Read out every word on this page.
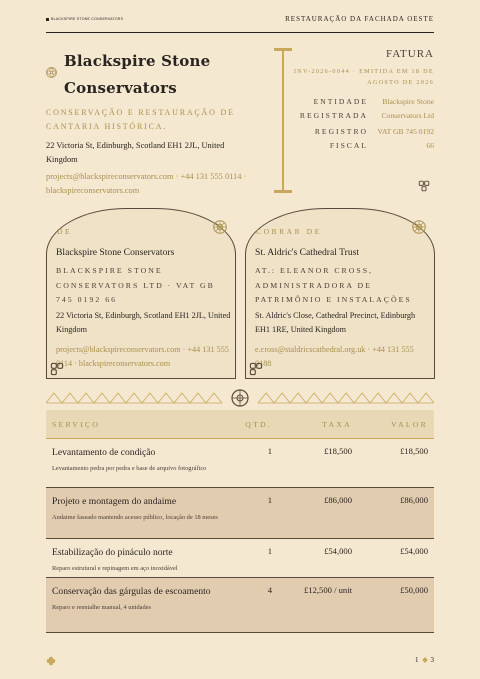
BLACKSPIRE STONE CONSERVATORS	RESTAURAÇÃO DA FACHADA OESTE
Blackspire Stone Conservators
CONSERVAÇÃO E RESTAURAÇÃO DE CANTARIA HISTÓRICA.
22 Victoria St, Edinburgh, Scotland EH1 2JL, United Kingdom
projects@blackspireconservators.com · +44 131 555 0114 · blackspireconservators.com
FATURA
INV-2026-0044 · EMITIDA EM 18 DE AGOSTO DE 2026
ENTIDADE REGISTRADA
Blackspire Stone Conservators Ltd
REGISTRO FISCAL
VAT GB 745 0192 66
DE
Blackspire Stone Conservators
BLACKSPIRE STONE CONSERVATORS LTD · VAT GB 745 0192 66
22 Victoria St, Edinburgh, Scotland EH1 2JL, United Kingdom
projects@blackspireconservators.com · +44 131 555 0114 · blackspireconservators.com
COBRAR DE
St. Aldric's Cathedral Trust
AT.: ELEANOR CROSS, ADMINISTRADORA DE PATRIMÔNIO E INSTALAÇÕES
St. Aldric's Close, Cathedral Precinct, Edinburgh EH1 1RE, United Kingdom
e.cross@staldricscathedral.org.uk · +44 131 555 0188
SERVIÇO	QTD.	TAXA	VALOR
Levantamento de condição
Levantamento pedra por pedra e base de arquivo fotográfico
1	£18,500	£18,500
Projeto e montagem do andaime
Andaime faseado mantendo acesso público, locação de 18 meses
1	£86,000	£86,000
Estabilização do pináculo norte
Reparo estrutural e repinagem em aço inoxidável
1	£54,000	£54,000
Conservação das gárgulas de escoamento
Reparo e reentalhe manual, 4 unidades
4	£12,500 / unit	£50,000
1 3
